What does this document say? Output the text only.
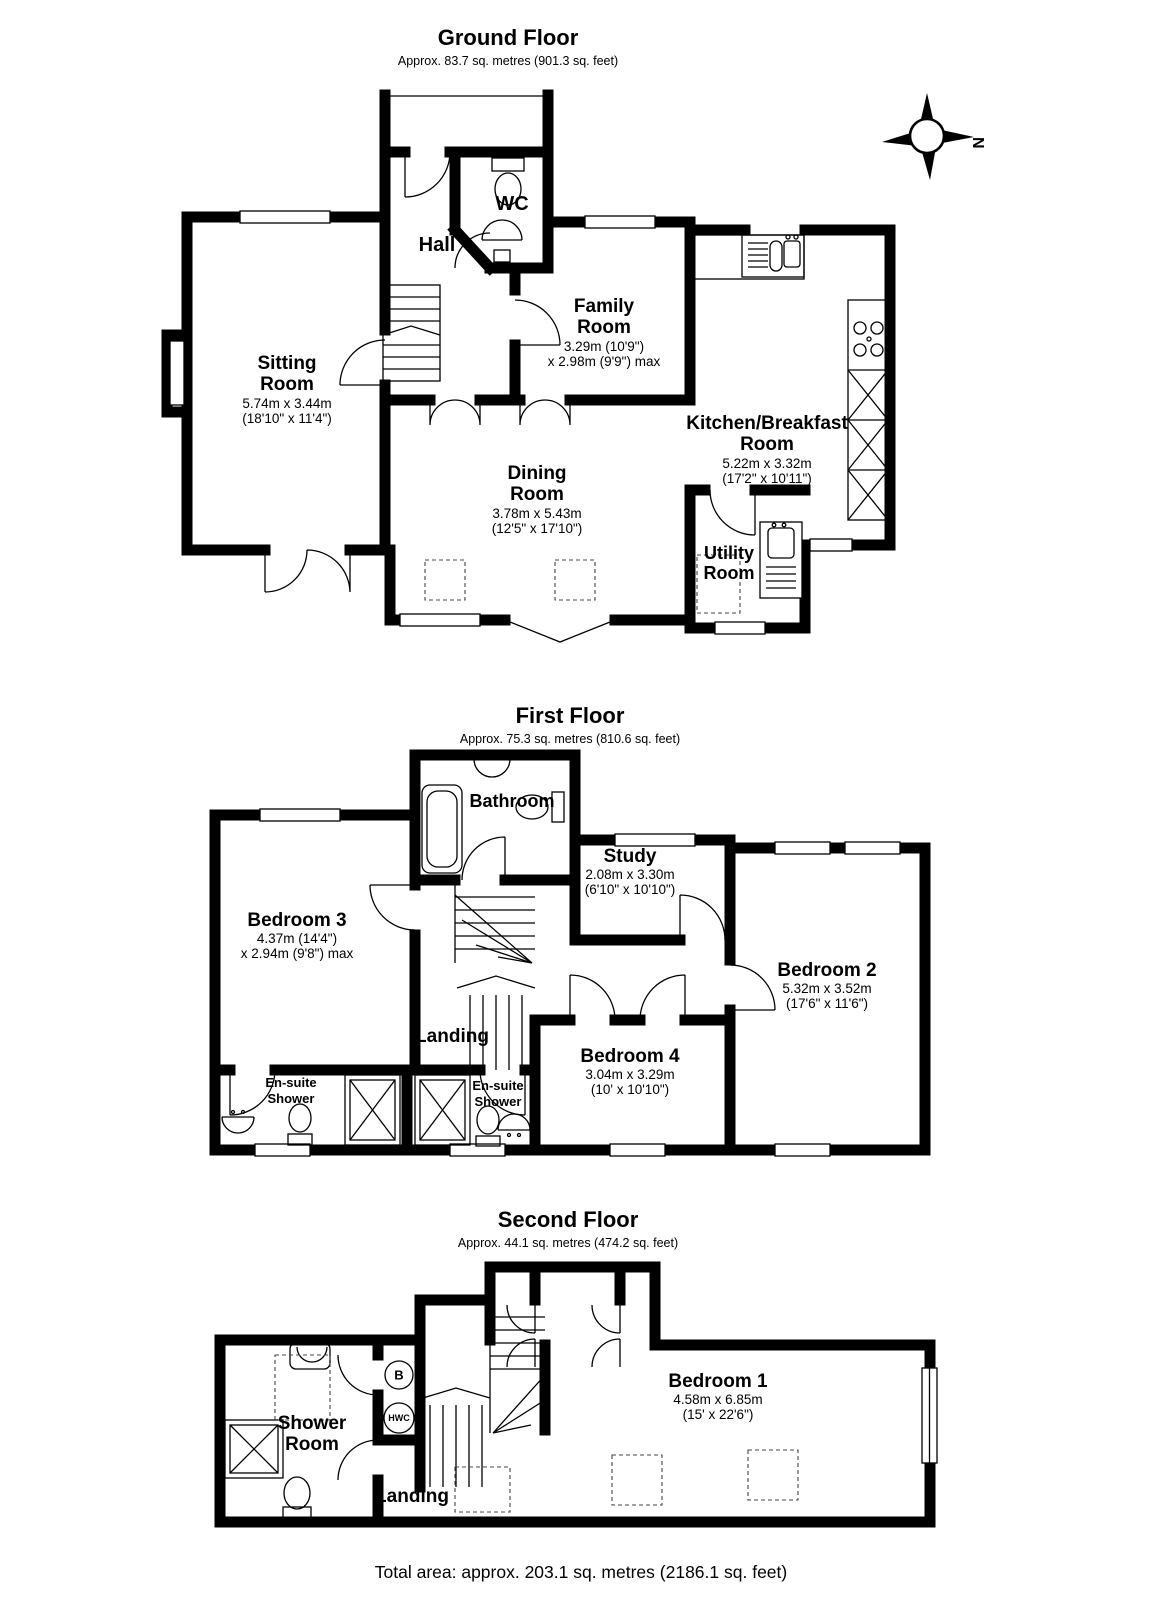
Ground Floor
Approx. 83.7 sq. metres (901.3 sq. feet)
First Floor
Approx. 75.3 sq. metres (810.6 sq. feet)
Second Floor
Approx. 44.1 sq. metres (474.2 sq. feet)
Total area: approx. 203.1 sq. metres (2186.1 sq. feet)
N
WC
Hall
Family
Room
3.29m (10'9")
x 2.98m (9'9") max
Sitting
Room
5.74m x 3.44m
(18'10" x 11'4")	Kitchen/Breakfast
Room
5.22m x 3.32m
(17'2" x 10'11")
Dining
Room
3.78m x 5.43m
(12'5" x 17'10")
Utility
Room
Bathroom
Study
2.08m x 3.30m
(6'10" x 10'10")
Bedroom 3
4.37m (14'4")
x 2.94m (9'8") max
Bedroom 2
5.32m x 3.52m
(17'6" x 11'6")
Landing
Bedroom 4
3.04m x 3.29m
(10' x 10'10")
En-suite
Shower
En-suite
Shower
Shower
Room
Landing
Bedroom 1
4.58m x 6.85m
(15' x 22'6")
B
HWC
